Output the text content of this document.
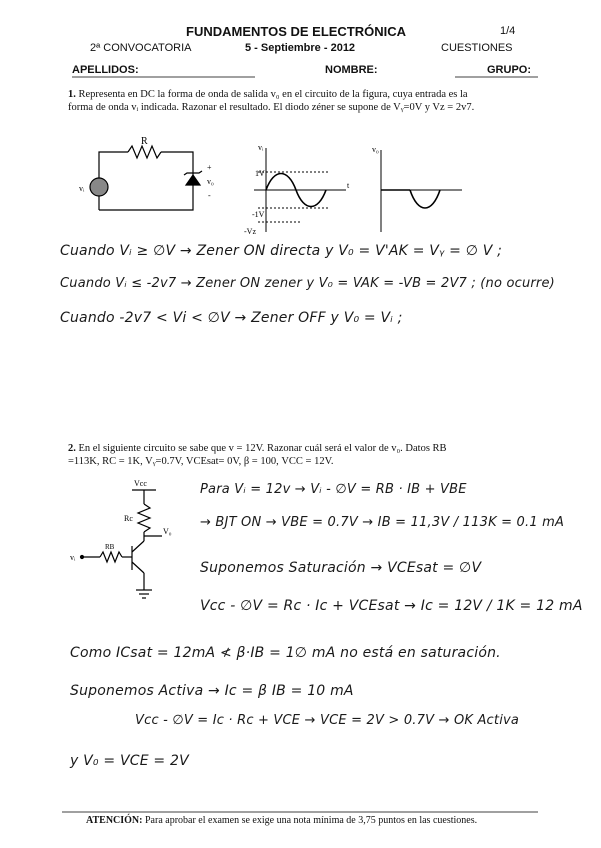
FUNDAMENTOS DE ELECTRÓNICA	1/4
2ª CONVOCATORIA	5 - Septiembre - 2012	CUESTIONES
APELLIDOS:	NOMBRE:	GRUPO:
1. Representa en DC la forma de onda de salida v₀ en el circuito de la figura, cuya entrada es la
forma de onda vᵢ indicada. Razonar el resultado. El diodo zéner se supone de Vᵧ=0V y Vz = 2v7.
R
vᵢ
+
v₀
-
vᵢ
1V
-1V
t
-Vz
v₀
Vcc
Rc
RB
V₀
vᵢ
Cuando Vᵢ ≥ ∅V → Zener ON directa y V₀ = V'AK = Vᵧ = ∅ V ;
Cuando Vᵢ ≤ -2v7 → Zener ON zener y V₀ = VAK = -VB = 2V7 ; (no ocurre)
Cuando -2v7 < Vi < ∅V → Zener OFF y V₀ = Vᵢ ;
2. En el siguiente circuito se sabe que v = 12V. Razonar cuál será el valor de v₀. Datos RB
=113K, RC = 1K, Vᵧ=0.7V, VCEsat= 0V, β = 100, VCC = 12V.
Para Vᵢ = 12v → Vᵢ - ∅V = RB · IB + VBE
→ BJT ON → VBE = 0.7V → IB = 11,3V / 113K = 0.1 mA
Suponemos Saturación → VCEsat = ∅V
Vcc - ∅V = Rc · Ic + VCEsat → Ic = 12V / 1K = 12 mA
Como ICsat = 12mA ≮ β·IB = 1∅ mA no está en saturación.
Suponemos Activa → Ic = β IB = 10 mA
Vcc - ∅V = Ic · Rc + VCE → VCE = 2V > 0.7V → OK Activa
y V₀ = VCE = 2V
ATENCIÓN: Para aprobar el examen se exige una nota mínima de 3,75 puntos en las cuestiones.
